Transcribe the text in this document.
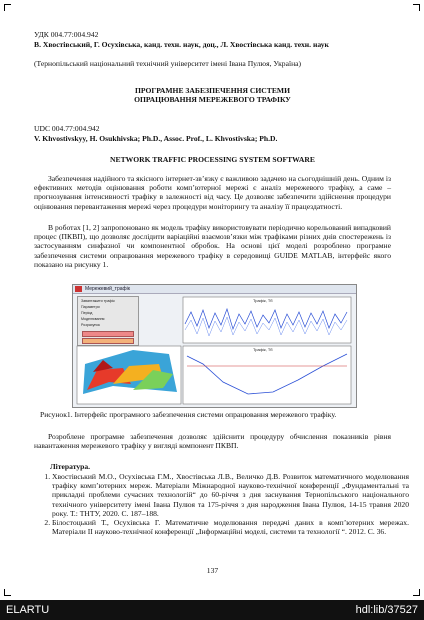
УДК 004.77:004.942
В. Хвостівський, Г. Осухівська, канд. техн. наук, доц., Л. Хвостівська канд. техн. наук
(Тернопільський національний технічний університет імені Івана Пулюя, Україна)
ПРОГРАМНЕ ЗАБЕЗПЕЧЕННЯ СИСТЕМИ ОПРАЦЮВАННЯ МЕРЕЖЕВОГО ТРАФІКУ
UDC 004.77:004.942
V. Khvostivskyy, H. Osukhivska; Ph.D., Assoc. Prof., L. Khvostivska; Ph.D.
NETWORK TRAFFIC PROCESSING SYSTEM SOFTWARE
Забезпечення надійного та якісного інтернет-зв’язку є важливою задачею на сьогоднішній день. Одним із ефективних методів оцінювання роботи комп’ютерної мережі є аналіз мережевого трафіку, а саме – прогнозування інтенсивності трафіку в залежності від часу. Це дозволяє забезпечити здійснення процедури оцінювання перевантаження мережі через процедури моніторингу та аналізу її працездатності.
В роботах [1, 2] запропоновано як модель трафіку використовувати періодично корельований випадковий процес (ПКВП), що дозволяє дослідити варіаційні взаємозв’язки між трафіками різних днів спостережень із застосуванням синфазної чи компонентної обробок. На основі цієї моделі розроблено програмне забезпечення системи опрацювання мережевого трафіку в середовищі GUIDE MATLAB, інтерфейс якого показано на рисунку 1.
Мережевий_трафік
Завантажити трафік
Параметри
Період
Моделювання
Розрахунок
Трафік, Тб
Трафік, Тб
Рисунок1. Інтерфейс програмного забезпечення системи опрацювання мережевого трафіку.
Розроблене програмне забезпечення дозволяє здійснити процедуру обчислення показників рівня навантаження мережевого трафіку у вигляді компонент ПКВП.
Література.
1. Хвостівський М.О., Осухівська Г.М., Хвостівська Л.В., Величко Д.В. Розвиток математичного моделювання трафіку комп’ютерних мереж. Матеріали Міжнародної науково-технічної конференції „Фундаментальні та прикладні проблеми сучасних технологій“ до 60-річчя з дня заснування Тернопільського національного технічного університету імені Івана Пулюя та 175-річчя з дня народження Івана Пулюя, 14-15 травня 2020 року. Т.: ТНТУ, 2020. С. 187–188.
2. Білостоцький Т., Осухівська Г. Математичне моделювання передачі даних в комп’ютерних мережах. Матеріали II науково-технічної конференції „Інформаційні моделі, системи та технології “. 2012. С. 36.
137
ELARTU	hdl:lib/37527
